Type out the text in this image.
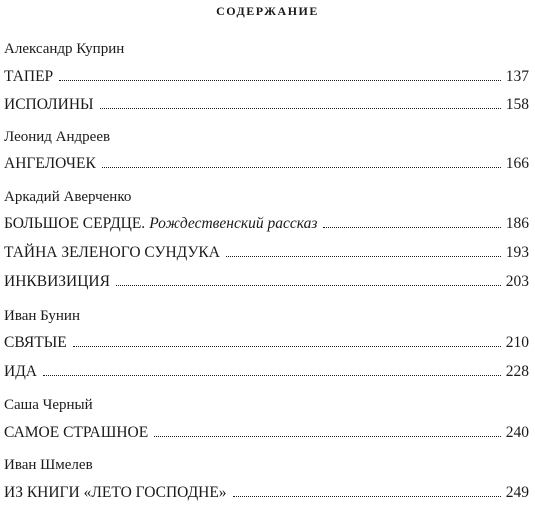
СОДЕРЖАНИЕ
Александр Куприн
ТАПЕР	137
ИСПОЛИНЫ	158
Леонид Андреев
АНГЕЛОЧЕК	166
Аркадий Аверченко
БОЛЬШОЕ СЕРДЦЕ. Рождественский рассказ	186
ТАЙНА ЗЕЛЕНОГО СУНДУКА	193
ИНКВИЗИЦИЯ	203
Иван Бунин
СВЯТЫЕ	210
ИДА	228
Саша Черный
САМОЕ СТРАШНОЕ	240
Иван Шмелев
ИЗ КНИГИ «ЛЕТО ГОСПОДНЕ»	249
